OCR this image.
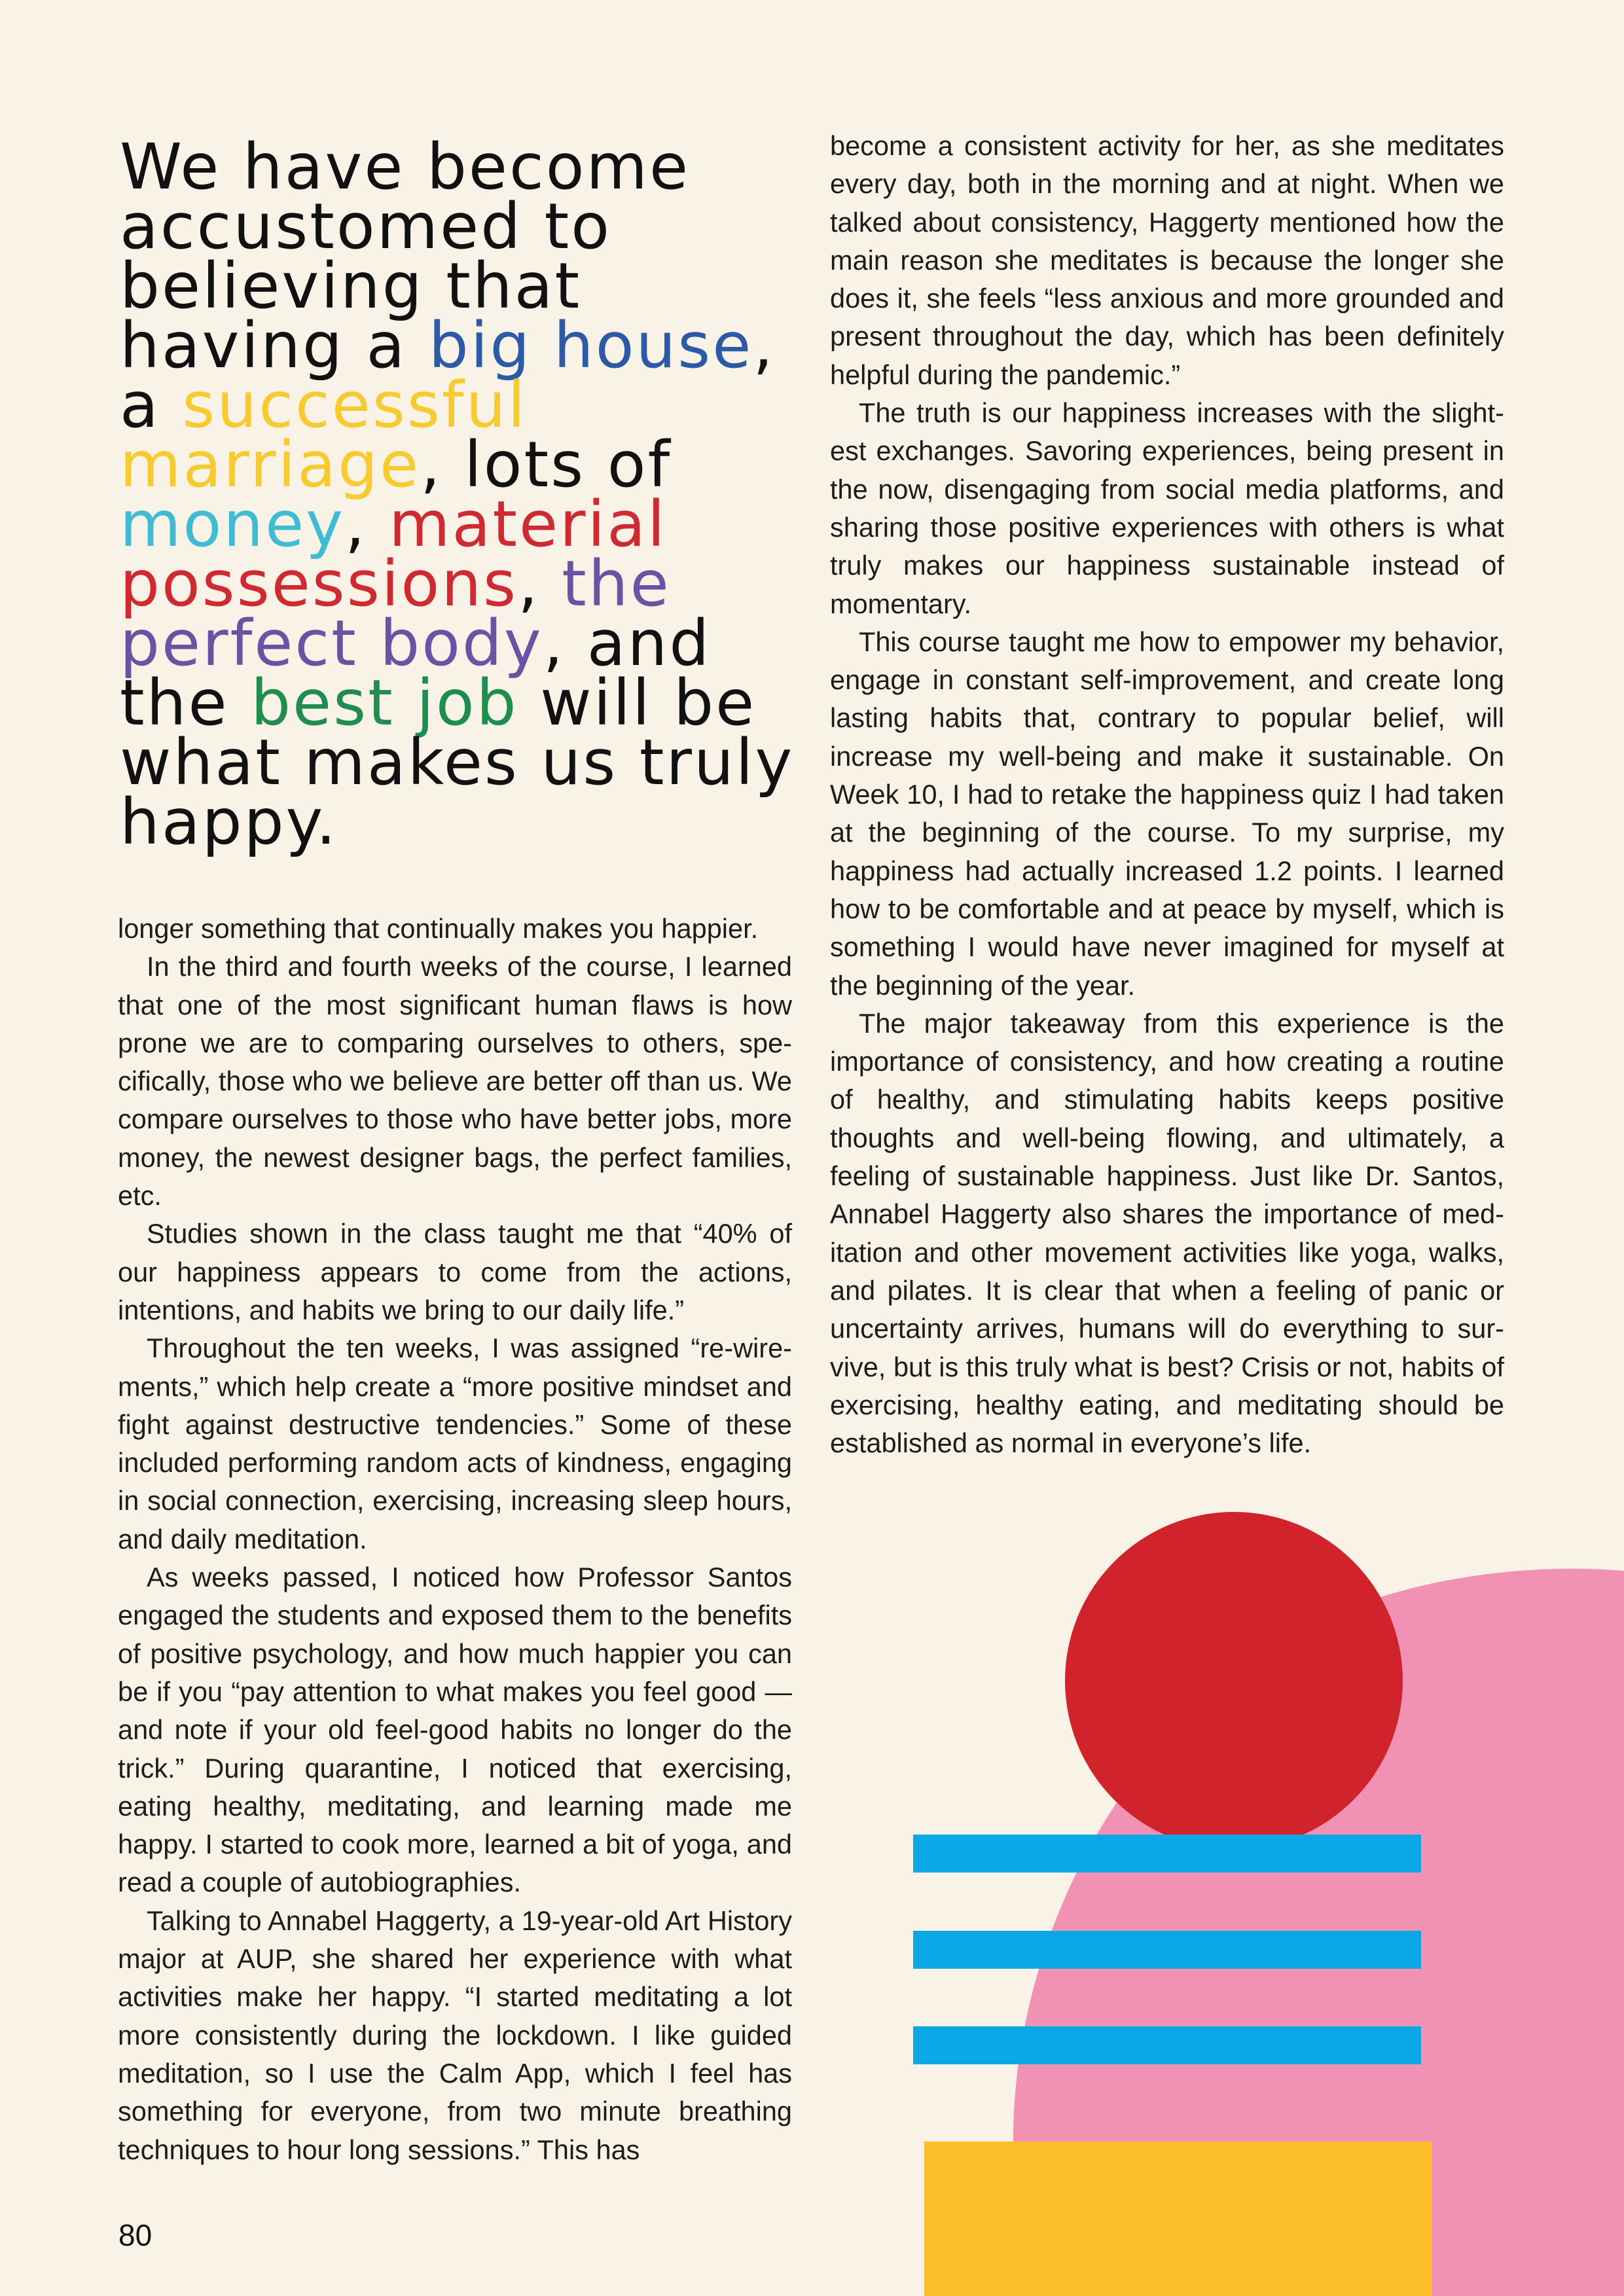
We have become accustomed to believing that having a big house, a successful marriage, lots of money, material possessions, the perfect body, and the best job will be what makes us truly happy.

longer something that continually makes you happier.

In the third and fourth weeks of the course, I learned that one of the most significant human flaws is how prone we are to comparing ourselves to others, specifically, those who we believe are better off than us. We compare ourselves to those who have better jobs, more money, the newest designer bags, the perfect families, etc.

Studies shown in the class taught me that “40% of our happiness appears to come from the actions, intentions, and habits we bring to our daily life.”

Throughout the ten weeks, I was assigned “re-wirements,” which help create a “more positive mindset and fight against destructive tendencies.” Some of these included performing random acts of kindness, engaging in social connection, exercising, increasing sleep hours, and daily meditation.

As weeks passed, I noticed how Professor Santos engaged the students and exposed them to the benefits of positive psychology, and how much happier you can be if you “pay attention to what makes you feel good — and note if your old feel-good habits no longer do the trick.” During quarantine, I noticed that exercising, eating healthy, meditating, and learning made me happy. I started to cook more, learned a bit of yoga, and read a couple of autobiographies.

Talking to Annabel Haggerty, a 19-year-old Art History major at AUP, she shared her experience with what activities make her happy. “I started meditating a lot more consistently during the lockdown. I like guided meditation, so I use the Calm App, which I feel has something for everyone, from two minute breathing techniques to hour long sessions.” This has

become a consistent activity for her, as she meditates every day, both in the morning and at night. When we talked about consistency, Haggerty mentioned how the main reason she meditates is because the longer she does it, she feels “less anxious and more grounded and present throughout the day, which has been definitely helpful during the pandemic.”

The truth is our happiness increases with the slightest exchanges. Savoring experiences, being present in the now, disengaging from social media platforms, and sharing those positive experiences with others is what truly makes our happiness sustainable instead of momentary.

This course taught me how to empower my behavior, engage in constant self-improvement, and create long lasting habits that, contrary to popular belief, will increase my well-being and make it sustainable. On Week 10, I had to retake the happiness quiz I had taken at the beginning of the course. To my surprise, my happiness had actually increased 1.2 points. I learned how to be comfortable and at peace by myself, which is something I would have never imagined for myself at the beginning of the year.

The major takeaway from this experience is the importance of consistency, and how creating a routine of healthy, and stimulating habits keeps positive thoughts and well-being flowing, and ultimately, a feeling of sustainable happiness. Just like Dr. Santos, Annabel Haggerty also shares the importance of meditation and other movement activities like yoga, walks, and pilates. It is clear that when a feeling of panic or uncertainty arrives, humans will do everything to survive, but is this truly what is best? Crisis or not, habits of exercising, healthy eating, and meditating should be established as normal in everyone’s life.

80
